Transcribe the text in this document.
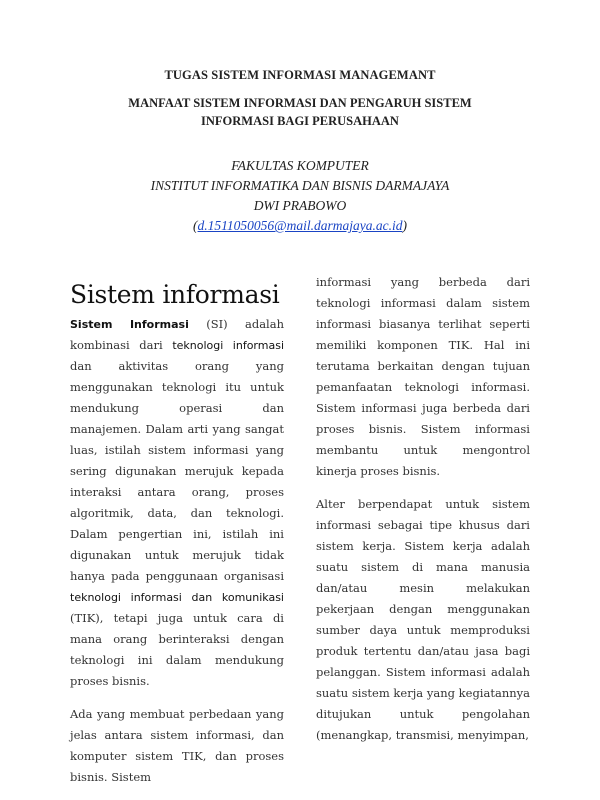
TUGAS SISTEM INFORMASI MANAGEMANT
MANFAAT SISTEM INFORMASI DAN PENGARUH SISTEM
INFORMASI BAGI PERUSAHAAN
FAKULTAS KOMPUTER
INSTITUT INFORMATIKA DAN BISNIS DARMAJAYA
DWI PRABOWO
(d.1511050056@mail.darmajaya.ac.id)
Sistem informasi

Sistem Informasi (SI) adalah kombinasi dari teknologi informasi dan aktivitas orang yang menggunakan teknologi itu untuk mendukung operasi dan manajemen. Dalam arti yang sangat luas, istilah sistem informasi yang sering digunakan merujuk kepada interaksi antara orang, proses algoritmik, data, dan teknologi. Dalam pengertian ini, istilah ini digunakan untuk merujuk tidak hanya pada penggunaan organisasi teknologi informasi dan komunikasi (TIK), tetapi juga untuk cara di mana orang berinteraksi dengan teknologi ini dalam mendukung proses bisnis.

Ada yang membuat perbedaan yang jelas antara sistem informasi, dan komputer sistem TIK, dan proses bisnis. Sistem

informasi yang berbeda dari teknologi informasi dalam sistem informasi biasanya terlihat seperti memiliki komponen TIK. Hal ini terutama berkaitan dengan tujuan pemanfaatan teknologi informasi. Sistem informasi juga berbeda dari proses bisnis. Sistem informasi membantu untuk mengontrol kinerja proses bisnis.

Alter berpendapat untuk sistem informasi sebagai tipe khusus dari sistem kerja. Sistem kerja adalah suatu sistem di mana manusia dan/atau mesin melakukan pekerjaan dengan menggunakan sumber daya untuk memproduksi produk tertentu dan/atau jasa bagi pelanggan. Sistem informasi adalah suatu sistem kerja yang kegiatannya ditujukan untuk pengolahan (menangkap, transmisi, menyimpan,
